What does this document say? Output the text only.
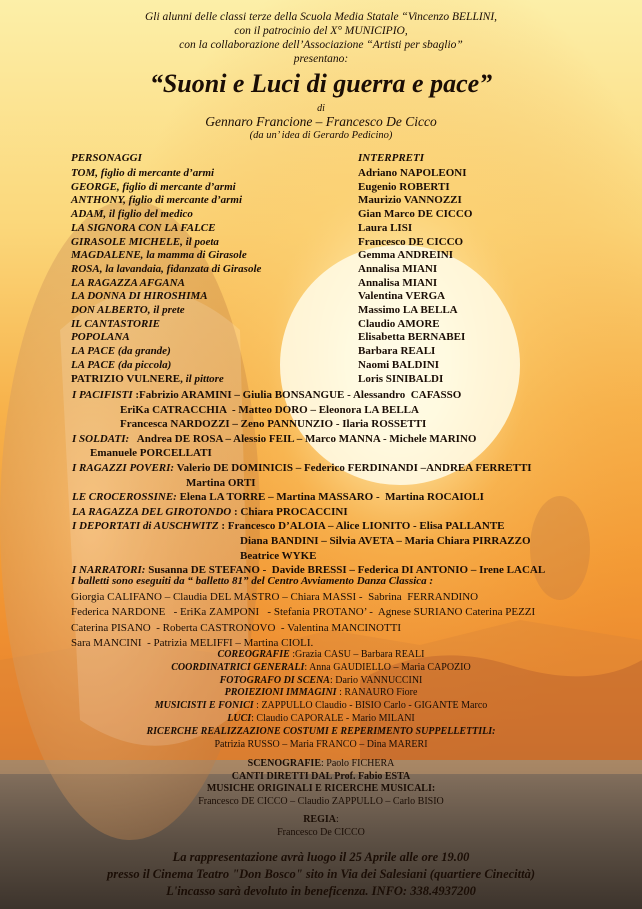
Gli alunni delle classi terze della Scuola Media Statale “Vincenzo BELLINI,
con il patrocinio del X° MUNICIPIO,
con la collaborazione dell’Associazione “Artisti per sbaglio”
presentano:
“Suoni e Luci di guerra e pace”
di
Gennaro Francione – Francesco De Cicco
(da un’ idea di Gerardo Pedicino)
PERSONAGGI	INTERPRETI
TOM, figlio di mercante d’armi	Adriano NAPOLEONI
GEORGE, figlio di mercante d’armi	Eugenio ROBERTI
ANTHONY, figlio di mercante d’armi	Maurizio VANNOZZI
ADAM, il figlio del medico	Gian Marco DE CICCO
LA SIGNORA CON LA FALCE	Laura LISI
GIRASOLE MICHELE, il poeta	Francesco DE CICCO
MAGDALENE, la mamma di Girasole	Gemma ANDREINI
ROSA, la lavandaia, fidanzata di Girasole	Annalisa MIANI
LA RAGAZZA AFGANA	Annalisa MIANI
LA DONNA DI HIROSHIMA	Valentina VERGA
DON ALBERTO, il prete	Massimo LA BELLA
IL CANTASTORIE	Claudio AMORE
POPOLANA	Elisabetta BERNABEI
LA PACE (da grande)	Barbara REALI
LA PACE (da piccola)	Naomi BALDINI
PATRIZIO VULNERE, il pittore	Loris SINIBALDI
I PACIFISTI :Fabrizio ARAMINI – Giulia BONSANGUE - Alessandro  CAFASSO
EriKa CATRACCHIA  - Matteo DORO – Eleonora LA BELLA
Francesca NARDOZZI – Zeno PANNUNZIO - Ilaria ROSSETTI
I SOLDATI:   Andrea DE ROSA – Alessio FEIL – Marco MANNA - Michele MARINO
Emanuele PORCELLATI
I RAGAZZI POVERI: Valerio DE DOMINICIS – Federico FERDINANDI –ANDREA FERRETTI
Martina ORTI
LE CROCEROSSINE: Elena LA TORRE – Martina MASSARO -  Martina ROCAIOLI
LA RAGAZZA DEL GIROTONDO : Chiara PROCACCINI
I DEPORTATI di AUSCHWITZ : Francesco D’ALOIA – Alice LIONITO - Elisa PALLANTE
Diana BANDINI – Silvia AVETA – Maria Chiara PIRRAZZO
Beatrice WYKE
I NARRATORI: Susanna DE STEFANO -  Davide BRESSI – Federica DI ANTONIO – Irene LACAL
I balletti sono eseguiti da “ balletto 81” del Centro Avviamento Danza Classica :
Giorgia CALIFANO – Claudia DEL MASTRO – Chiara MASSI -  Sabrina  FERRANDINO
Federica NARDONE   - EriKa ZAMPONI   - Stefania PROTANO’ -  Agnese SURIANO Caterina PEZZI
Caterina PISANO  - Roberta CASTRONOVO  - Valentina MANCINOTTI
Sara MANCINI  - Patrizia MELIFFI – Martina CIOLI.
COREOGRAFIE :Grazia CASU – Barbara REALI
COORDINATRICI GENERALI: Anna GAUDIELLO – Maria CAPOZIO
FOTOGRAFO DI SCENA: Dario VANNUCCINI
PROIEZIONI IMMAGINI : RANAURO Fiore
MUSICISTI E FONICI : ZAPPULLO Claudio - BISIO Carlo - GIGANTE Marco
LUCI: Claudio CAPORALE - Mario MILANI
RICERCHE REALIZZAZIONE COSTUMI E REPERIMENTO SUPPELLETTILI:
Patrizia RUSSO – Maria FRANCO – Dina MARERI
SCENOGRAFIE: Paolo FICHERA
CANTI DIRETTI DAL Prof. Fabio ESTA
MUSICHE ORIGINALI E RICERCHE MUSICALI:
Francesco DE CICCO – Claudio ZAPPULLO – Carlo BISIO
REGIA:
Francesco De CICCO
La rappresentazione avrà luogo il 25 Aprile alle ore 19.00
presso il Cinema Teatro "Don Bosco" sito in Via dei Salesiani (quartiere Cinecittà)
L'incasso sarà devoluto in beneficenza. INFO: 338.4937200
